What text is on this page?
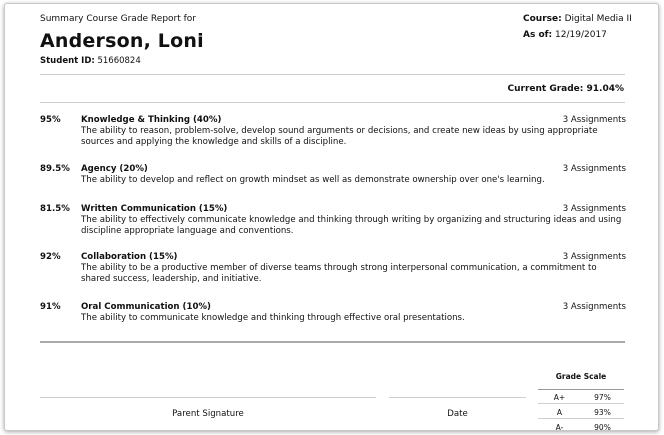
Summary Course Grade Report for
Anderson, Loni
Student ID: 51660824
Course: Digital Media II
As of: 12/19/2017
Current Grade: 91.04%
95% Knowledge & Thinking (40%)	3 Assignments
The ability to reason, problem-solve, develop sound arguments or decisions, and create new ideas by using appropriate sources and applying the knowledge and skills of a discipline.
89.5% Agency (20%)	3 Assignments
The ability to develop and reflect on growth mindset as well as demonstrate ownership over one's learning.
81.5% Written Communication (15%)	3 Assignments
The ability to effectively communicate knowledge and thinking through writing by organizing and structuring ideas and using discipline appropriate language and conventions.
92% Collaboration (15%)	3 Assignments
The ability to be a productive member of diverse teams through strong interpersonal communication, a commitment to shared success, leadership, and initiative.
91% Oral Communication (10%)	3 Assignments
The ability to communicate knowledge and thinking through effective oral presentations.
Parent Signature	Date
Grade Scale
A+	97%
A	93%
A-	90%
